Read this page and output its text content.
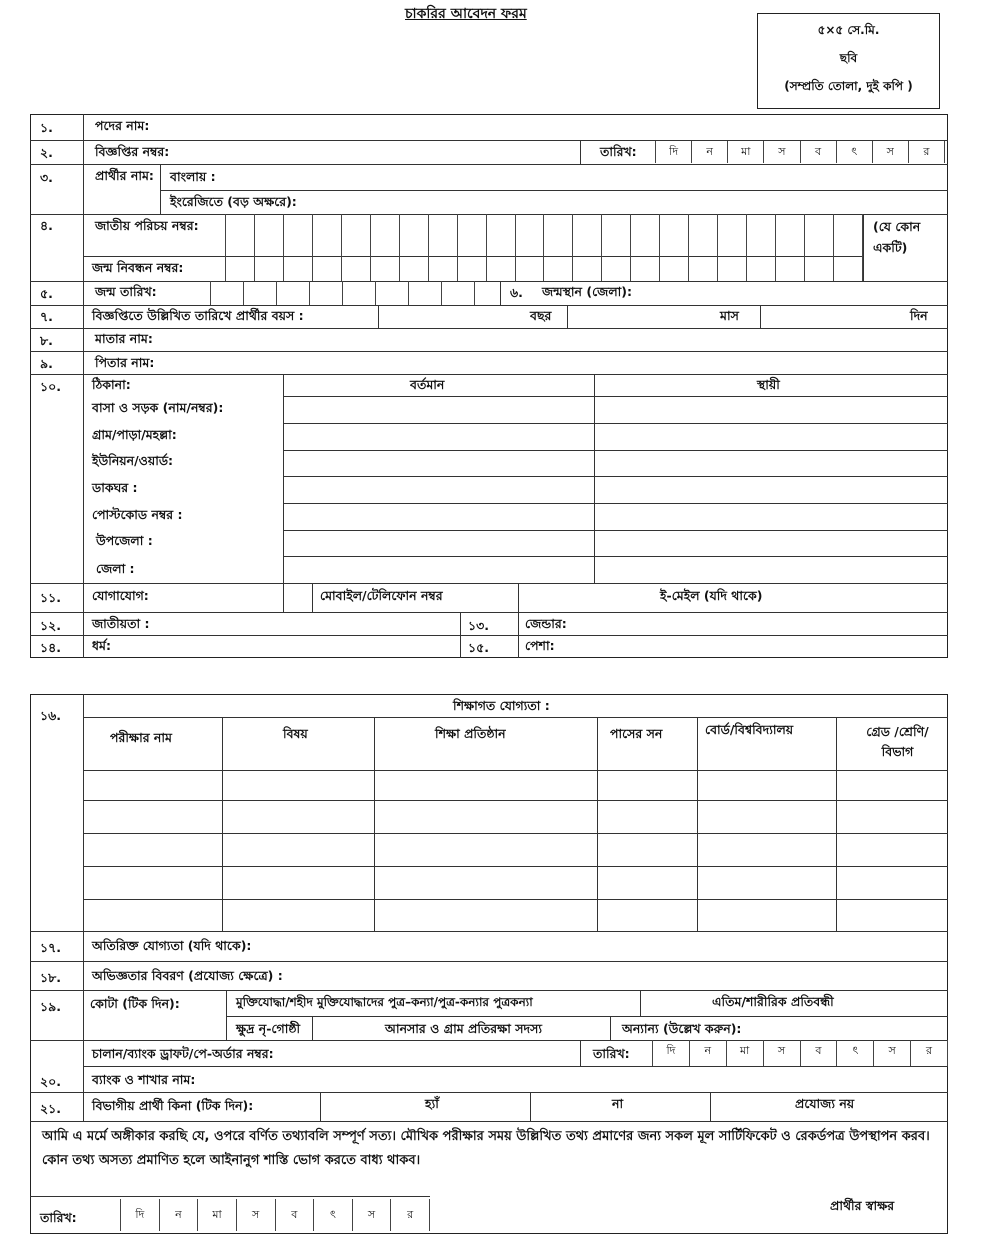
চাকরির আবেদন ফরম
৫×৫ সে.মি.
ছবি
(সম্প্রতি তোলা, দুই কপি )
১.	পদের নাম:
২.	বিজ্ঞপ্তির নম্বর:	তারিখ:	দি	ন	মা	স	ব	ৎ	স	র
৩.	প্রার্থীর নাম: বাংলায় :
ইংরেজিতে (বড় অক্ষরে):
৪.	জাতীয় পরিচয় নম্বর:
জন্ম নিবন্ধন নম্বর:
(যে কোন একটি)
৫.	জন্ম তারিখ:	৬. জন্মস্থান (জেলা):
৭.	বিজ্ঞপ্তিতে উল্লিখিত তারিখে প্রার্থীর বয়স :	বছর	মাস	দিন
৮.	মাতার নাম:
৯.	পিতার নাম:
১০. ঠিকানা:	বর্তমান	স্থায়ী
বাসা ও সড়ক (নাম/নম্বর):
গ্রাম/পাড়া/মহল্লা:
ইউনিয়ন/ওয়ার্ড:
ডাকঘর :
পোস্টকোড নম্বর :
উপজেলা :
জেলা :
১১. যোগাযোগ:	মোবাইল/টেলিফোন নম্বর	ই-মেইল (যদি থাকে)
১২. জাতীয়তা :	১৩.	জেন্ডার:
১৪. ধর্ম:	১৫.	পেশা:
১৬.
শিক্ষাগত যোগ্যতা :
পরীক্ষার নাম	বিষয়	শিক্ষা প্রতিষ্ঠান	পাসের সন	বোর্ড/বিশ্ববিদ্যালয়	গ্রেড /শ্রেণি/ বিভাগ
১৭. অতিরিক্ত যোগ্যতা (যদি থাকে):
১৮. অভিজ্ঞতার বিবরণ (প্রযোজ্য ক্ষেত্রে) :
১৯. কোটা (টিক দিন):	মুক্তিযোদ্ধা/শহীদ মুক্তিযোদ্ধাদের পুত্র–কন্যা/পুত্র-কন্যার পুত্রকন্যা	এতিম/শারীরিক প্রতিবন্ধী
ক্ষুদ্র নৃ-গোষ্ঠী	আনসার ও গ্রাম প্রতিরক্ষা সদস্য	অন্যান্য (উল্লেখ করুন):
চালান/ব্যাংক ড্রাফট/পে-অর্ডার নম্বর:	তারিখ:	দি	ন	মা	স	ব	ৎ	স	র
২০. ব্যাংক ও শাখার নাম:
২১. বিভাগীয় প্রার্থী কিনা (টিক দিন):	হ্যাঁ	না	প্রযোজ্য নয়
আমি এ মর্মে অঙ্গীকার করছি যে, ওপরে বর্ণিত তথ্যাবলি সম্পূর্ণ সত্য। মৌখিক পরীক্ষার সময় উল্লিখিত তথ্য প্রমাণের জন্য সকল মূল সার্টিফিকেট ও রেকর্ডপত্র উপস্থাপন করব। কোন তথ্য অসত্য প্রমাণিত হলে আইনানুগ শাস্তি ভোগ করতে বাধ্য থাকব।
তারিখ:	দি	ন	মা	স	ব	ৎ	স	র
প্রার্থীর স্বাক্ষর
